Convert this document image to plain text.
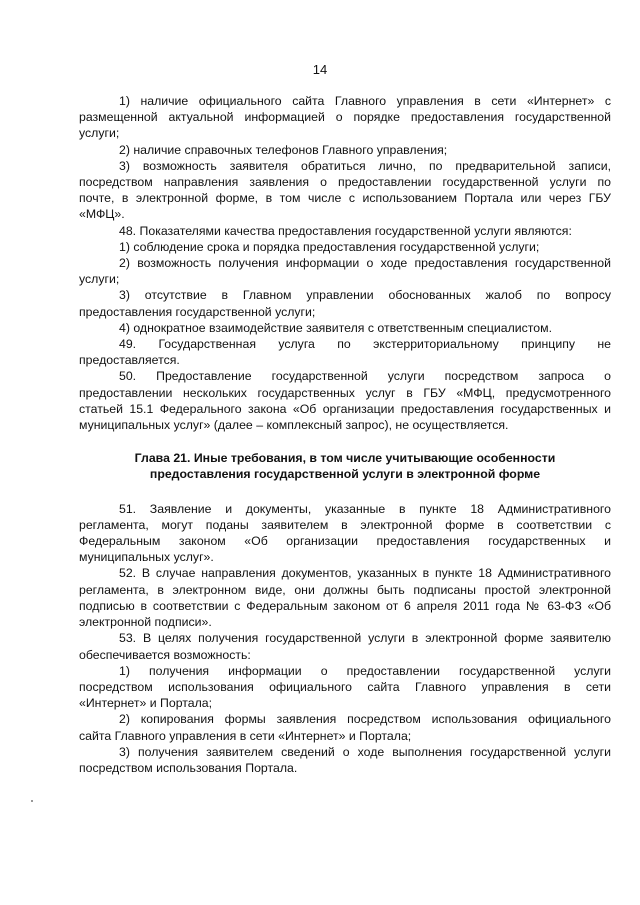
14
1) наличие официального сайта Главного управления в сети «Интернет» с
размещенной актуальной информацией о порядке предоставления государственной
услуги;
2) наличие справочных телефонов Главного управления;
3) возможность заявителя обратиться лично, по предварительной записи,
посредством направления заявления о предоставлении государственной услуги по
почте, в электронной форме, в том числе с использованием Портала или через ГБУ
«МФЦ».
48. Показателями качества предоставления государственной услуги являются:
1) соблюдение срока и порядка предоставления государственной услуги;
2) возможность получения информации о ходе предоставления государственной
услуги;
3) отсутствие в Главном управлении обоснованных жалоб по вопросу
предоставления государственной услуги;
4) однократное взаимодействие заявителя с ответственным специалистом.
49. Государственная услуга по экстерриториальному принципу не
предоставляется.
50. Предоставление государственной услуги посредством запроса о
предоставлении нескольких государственных услуг в ГБУ «МФЦ, предусмотренного
статьей 15.1 Федерального закона «Об организации предоставления государственных и
муниципальных услуг» (далее – комплексный запрос), не осуществляется.
Глава 21. Иные требования, в том числе учитывающие особенности
предоставления государственной услуги в электронной форме
51. Заявление и документы, указанные в пункте 18 Административного
регламента, могут поданы заявителем в электронной форме в соответствии с
Федеральным законом «Об организации предоставления государственных и
муниципальных услуг».
52. В случае направления документов, указанных в пункте 18 Административного
регламента, в электронном виде, они должны быть подписаны простой электронной
подписью в соответствии с Федеральным законом от 6 апреля 2011 года № 63-ФЗ «Об
электронной подписи».
53. В целях получения государственной услуги в электронной форме заявителю
обеспечивается возможность:
1) получения информации о предоставлении государственной услуги
посредством использования официального сайта Главного управления в сети
«Интернет» и Портала;
2) копирования формы заявления посредством использования официального
сайта Главного управления в сети «Интернет» и Портала;
3) получения заявителем сведений о ходе выполнения государственной услуги
посредством использования Портала.
